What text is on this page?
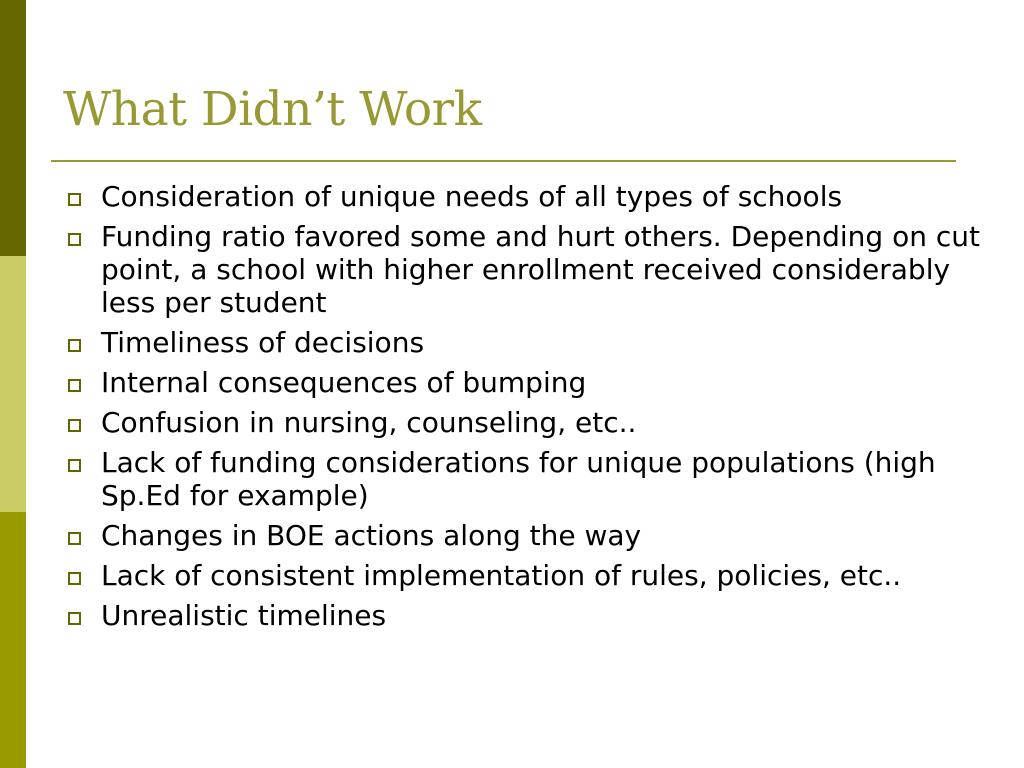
What Didn’t Work
Consideration of unique needs of all types of schools
Funding ratio favored some and hurt others. Depending on cut point, a school with higher enrollment received considerably less per student
Timeliness of decisions
Internal consequences of bumping
Confusion in nursing, counseling, etc..
Lack of funding considerations for unique populations (high Sp.Ed for example)
Changes in BOE actions along the way
Lack of consistent implementation of rules, policies, etc..
Unrealistic timelines
